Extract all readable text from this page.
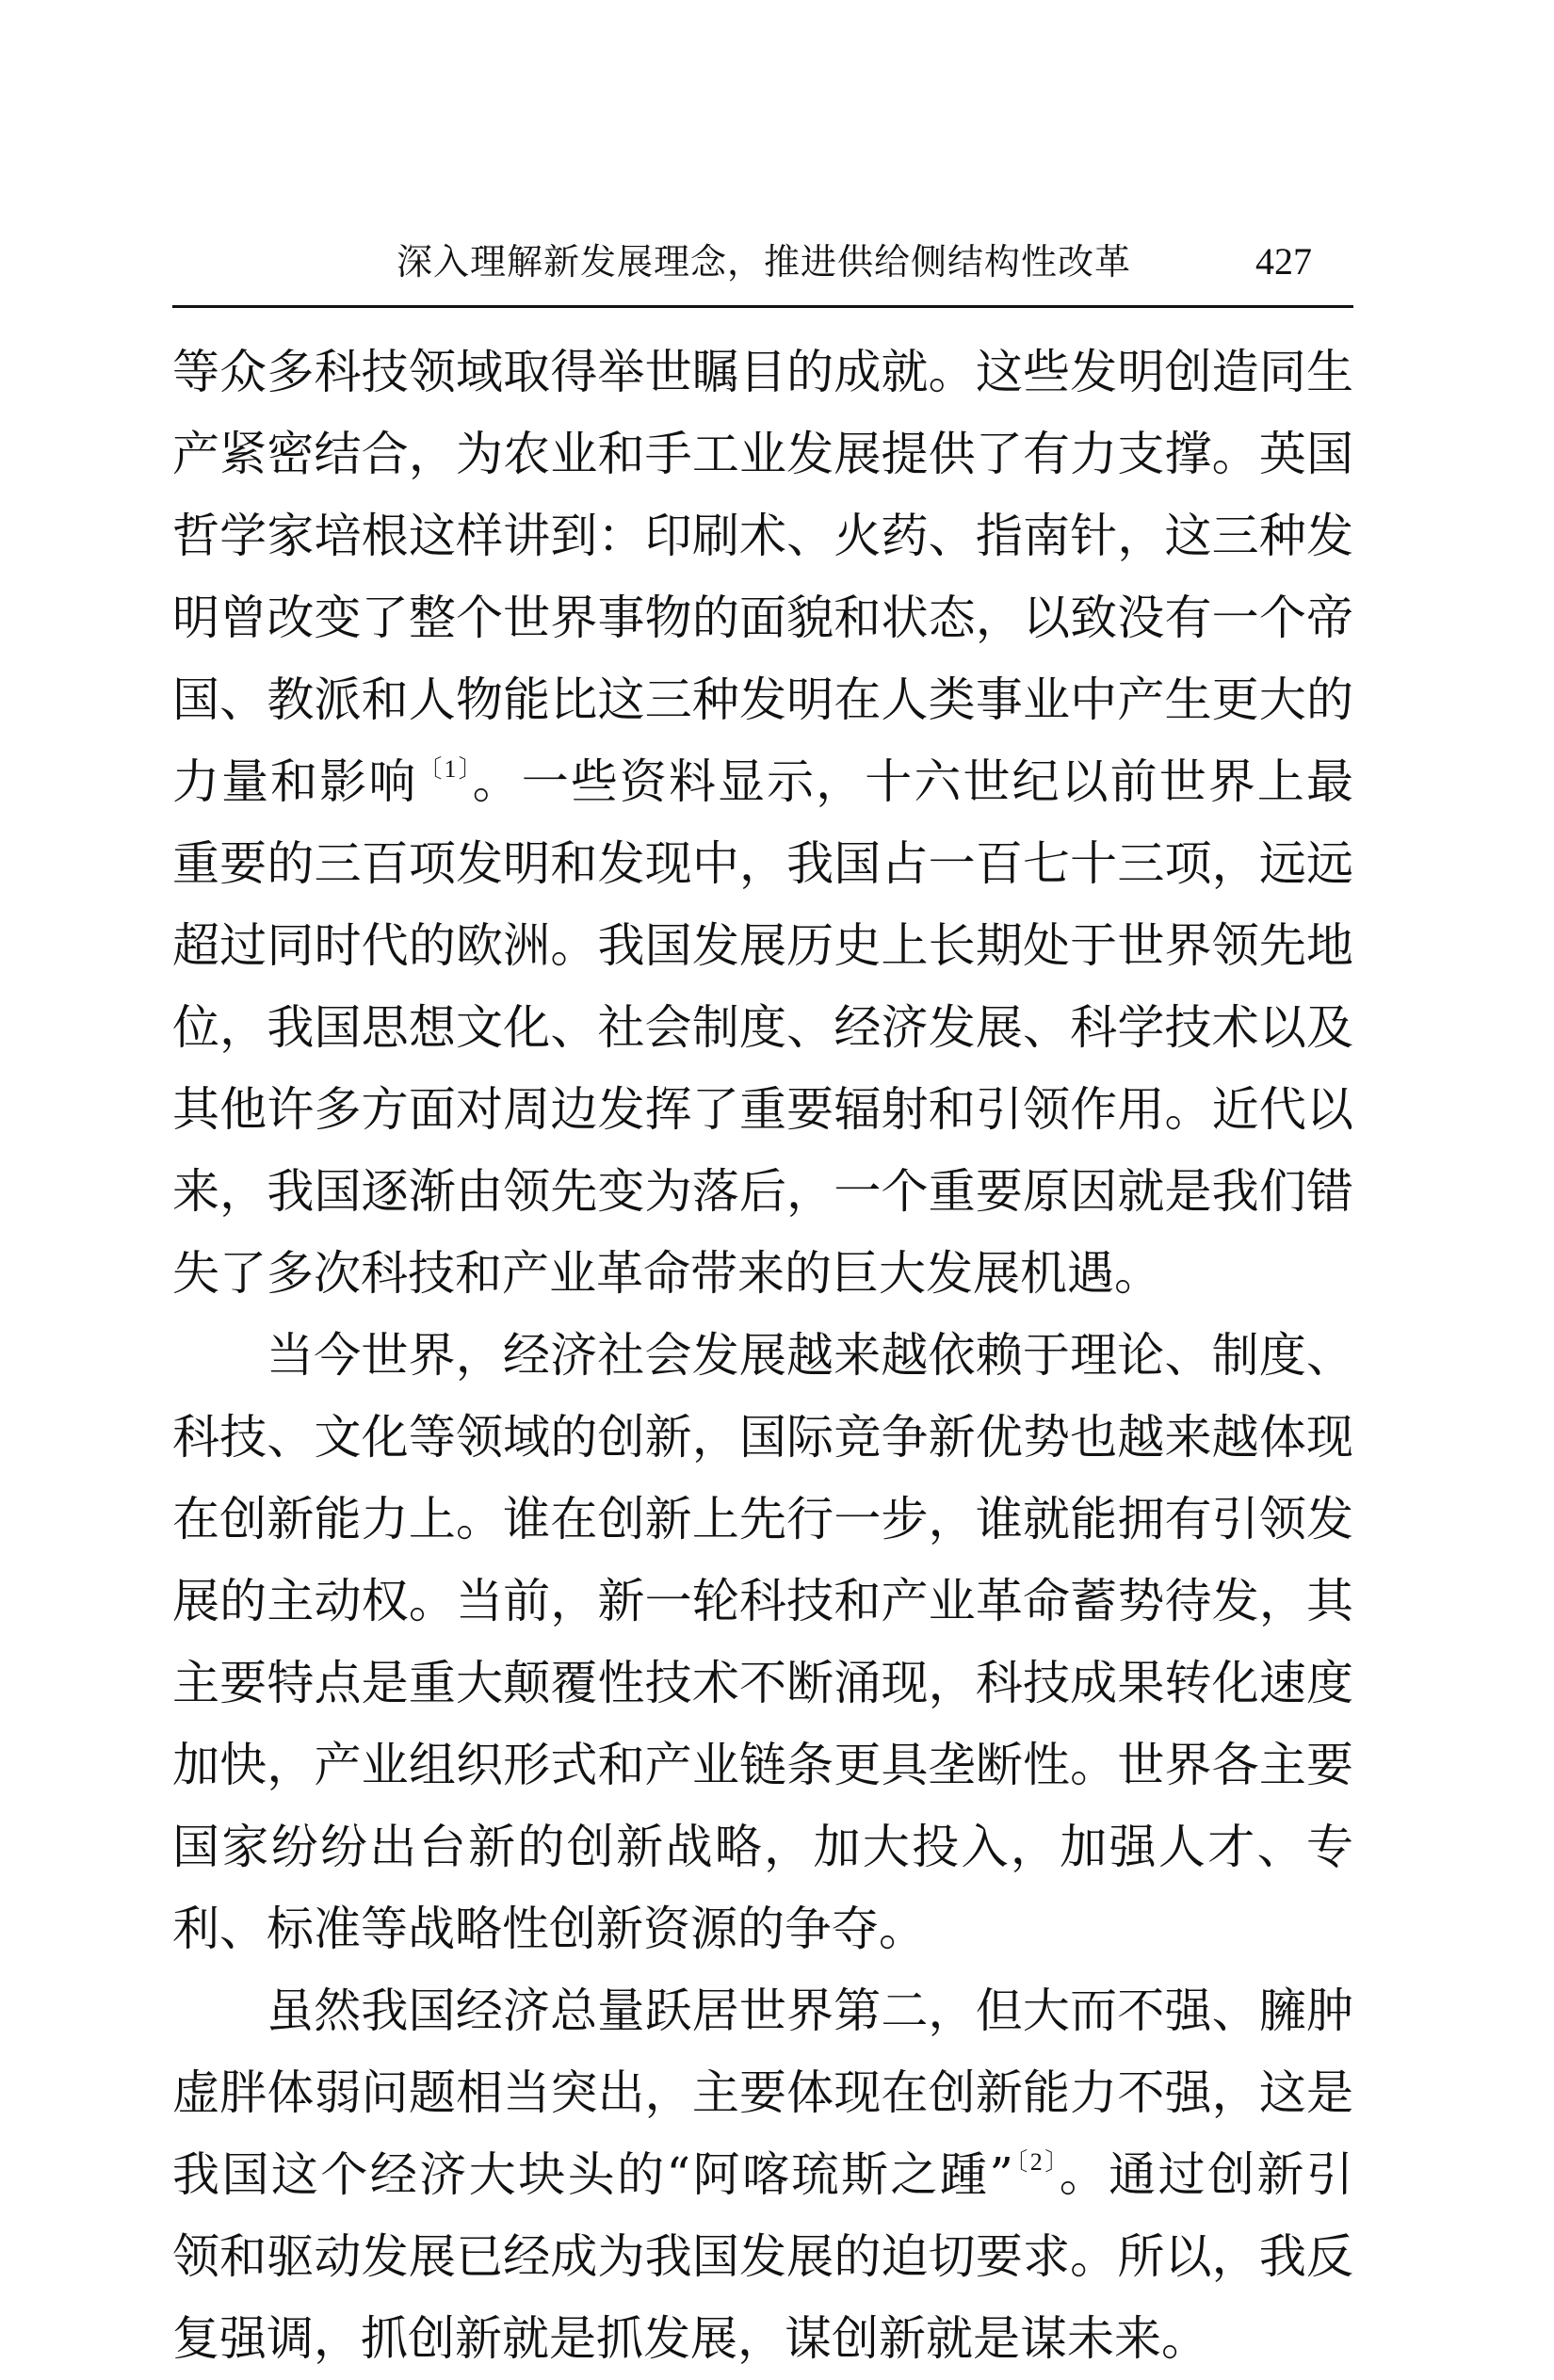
深入理解新发展理念，推进供给侧结构性改革	427
等众多科技领域取得举世瞩目的成就。这些发明创造同生
产紧密结合，为农业和手工业发展提供了有力支撑。英国
哲学家培根这样讲到：印刷术、火药、指南针，这三种发
明曾改变了整个世界事物的面貌和状态，以致没有一个帝
国、教派和人物能比这三种发明在人类事业中产生更大的
力量和影响$^{〔1〕}$。一些资料显示，十六世纪以前世界上最
重要的三百项发明和发现中，我国占一百七十三项，远远
超过同时代的欧洲。我国发展历史上长期处于世界领先地
位，我国思想文化、社会制度、经济发展、科学技术以及
其他许多方面对周边发挥了重要辐射和引领作用。近代以
来，我国逐渐由领先变为落后，一个重要原因就是我们错
失了多次科技和产业革命带来的巨大发展机遇。
当今世界，经济社会发展越来越依赖于理论、制度、
科技、文化等领域的创新，国际竞争新优势也越来越体现
在创新能力上。谁在创新上先行一步，谁就能拥有引领发
展的主动权。当前，新一轮科技和产业革命蓄势待发，其
主要特点是重大颠覆性技术不断涌现，科技成果转化速度
加快，产业组织形式和产业链条更具垄断性。世界各主要
国家纷纷出台新的创新战略，加大投入，加强人才、专
利、标准等战略性创新资源的争夺。
虽然我国经济总量跃居世界第二，但大而不强、臃肿
虚胖体弱问题相当突出，主要体现在创新能力不强，这是
我国这个经济大块头的“阿喀琉斯之踵”$^{〔2〕}$。通过创新引
领和驱动发展已经成为我国发展的迫切要求。所以，我反
复强调，抓创新就是抓发展，谋创新就是谋未来。
